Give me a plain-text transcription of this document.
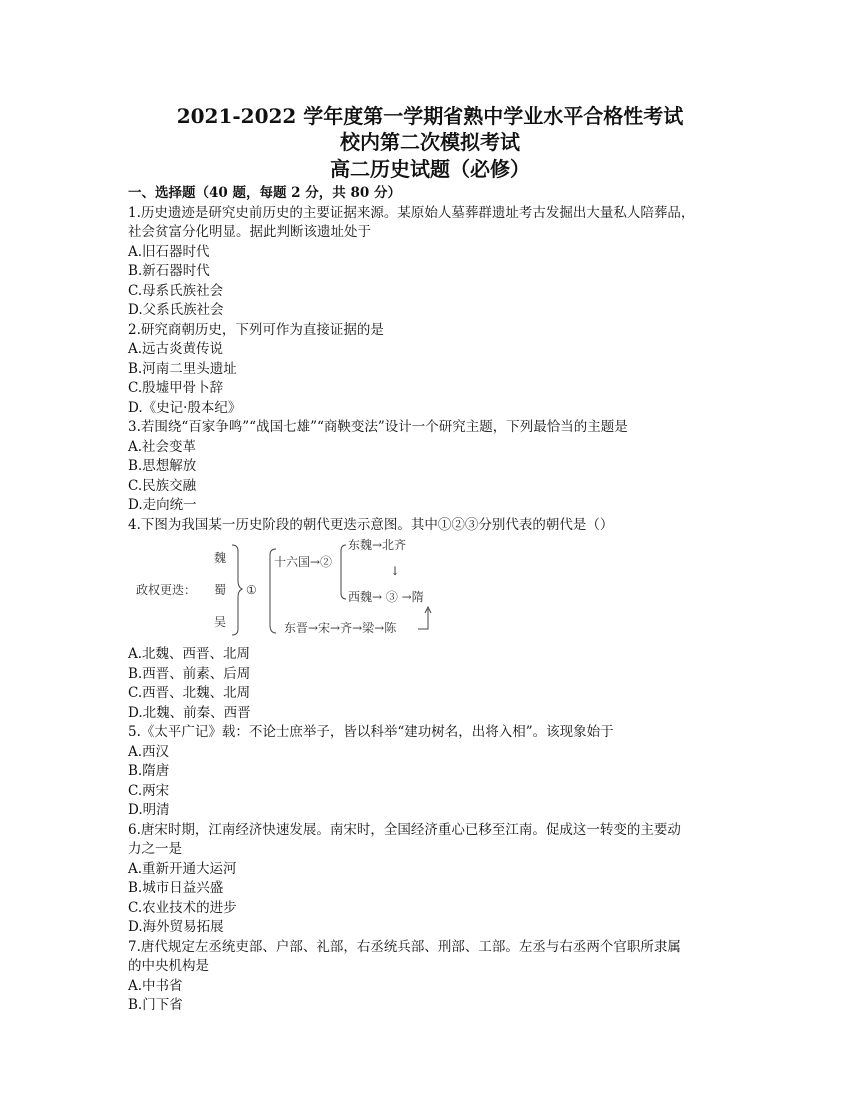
2021-2022 学年度第一学期省熟中学业水平合格性考试
校内第二次模拟考试
高二历史试题（必修）
一、选择题（40 题，每题 2 分，共 80 分）
1.历史遗迹是研究史前历史的主要证据来源。某原始人墓葬群遗址考古发掘出大量私人陪葬品，
社会贫富分化明显。据此判断该遗址处于
A.旧石器时代
B.新石器时代
C.母系氏族社会
D.父系氏族社会
2.研究商朝历史，下列可作为直接证据的是
A.远古炎黄传说
B.河南二里头遗址
C.殷墟甲骨卜辞
D.《史记·殷本纪》
3.若围绕“百家争鸣”“战国七雄”“商鞅变法”设计一个研究主题，下列最恰当的主题是
A.社会变革
B.思想解放
C.民族交融
D.走向统一
4.下图为我国某一历史阶段的朝代更迭示意图。其中①②③分别代表的朝代是（）
政权更迭：
魏
蜀
吴
①
十六国→②
东魏→北齐
↓
西魏→ ③ →隋
东晋→宋→齐→梁→陈
A.北魏、西晋、北周
B.西晋、前素、后周
C.西晋、北魏、北周
D.北魏、前秦、西晋
5.《太平广记》载：不论士庶举子，皆以科举“建功树名，出将入相”。该现象始于
A.西汉
B.隋唐
C.两宋
D.明清
6.唐宋时期，江南经济快速发展。南宋时，全国经济重心已移至江南。促成这一转变的主要动
力之一是
A.重新开通大运河
B.城市日益兴盛
C.农业技术的进步
D.海外贸易拓展
7.唐代规定左丞统吏部、户部、礼部，右丞统兵部、刑部、工部。左丞与右丞两个官职所隶属
的中央机构是
A.中书省
B.门下省
